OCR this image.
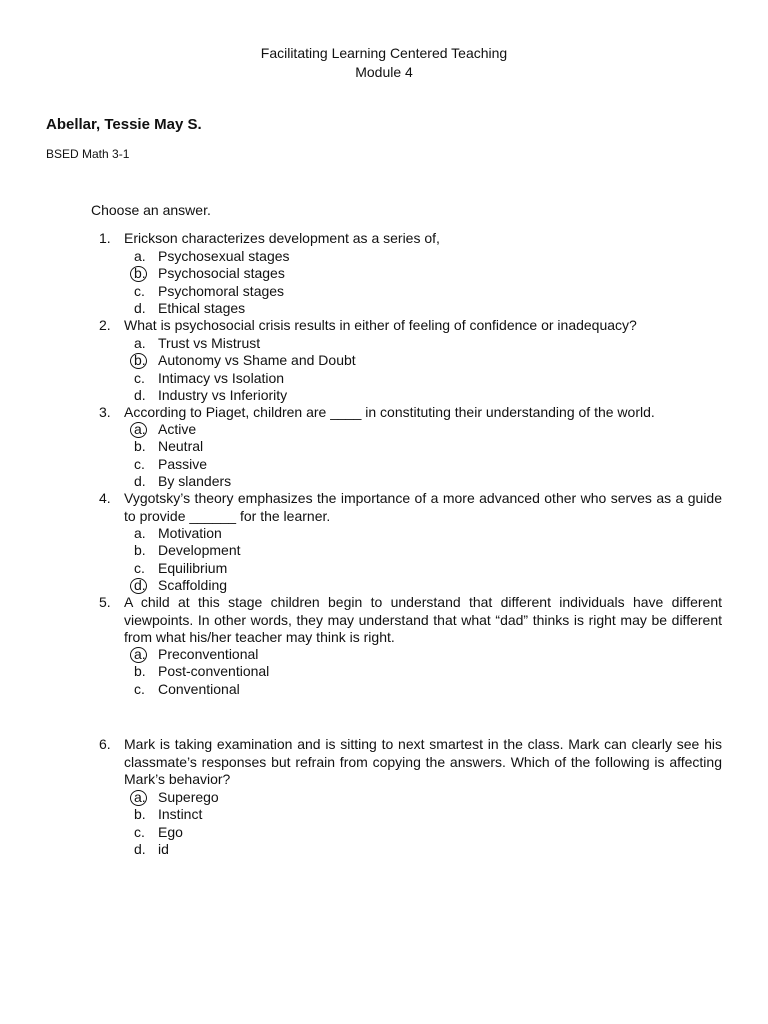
Facilitating Learning Centered Teaching
Module 4
Abellar, Tessie May S.
BSED Math 3-1
Choose an answer.
1. Erickson characterizes development as a series of,
a. Psychosexual stages
b. Psychosocial stages
c. Psychomoral stages
d. Ethical stages
2. What is psychosocial crisis results in either of feeling of confidence or inadequacy?
a. Trust vs Mistrust
b. Autonomy vs Shame and Doubt
c. Intimacy vs Isolation
d. Industry vs Inferiority
3. According to Piaget, children are ____ in constituting their understanding of the world.
a. Active
b. Neutral
c. Passive
d. By slanders
4. Vygotsky’s theory emphasizes the importance of a more advanced other who serves as a guide to provide ______ for the learner.
a. Motivation
b. Development
c. Equilibrium
d. Scaffolding
5. A child at this stage children begin to understand that different individuals have different viewpoints. In other words, they may understand that what “dad” thinks is right may be different from what his/her teacher may think is right.
a. Preconventional
b. Post-conventional
c. Conventional
6. Mark is taking examination and is sitting to next smartest in the class. Mark can clearly see his classmate’s responses but refrain from copying the answers. Which of the following is affecting Mark’s behavior?
a. Superego
b. Instinct
c. Ego
d. id
